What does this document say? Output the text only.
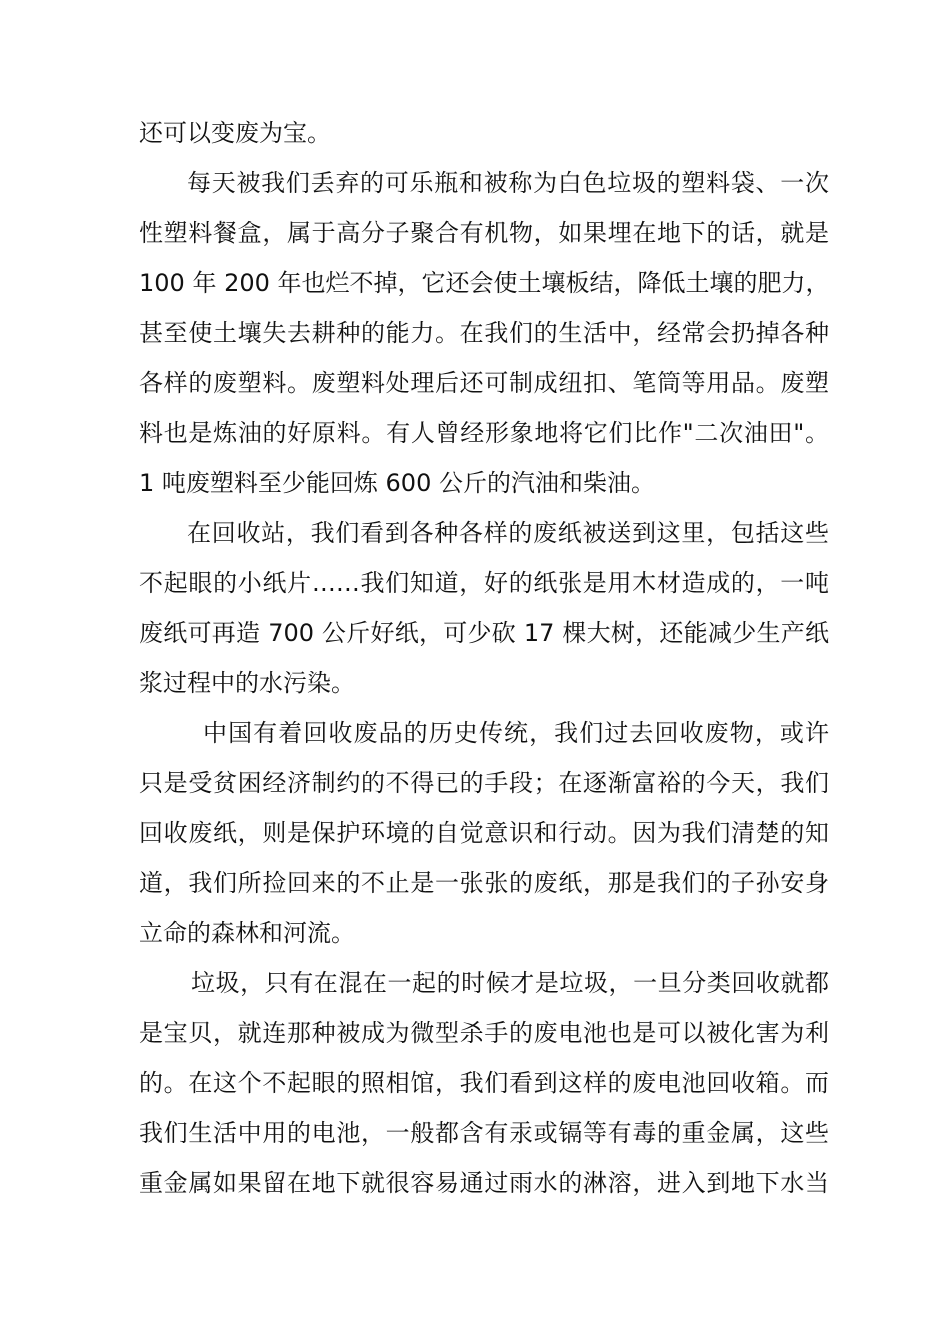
还可以变废为宝。
每天被我们丢弃的可乐瓶和被称为白色垃圾的塑料袋、一次
性塑料餐盒，属于高分子聚合有机物，如果埋在地下的话，就是
100 年 200 年也烂不掉，它还会使土壤板结，降低土壤的肥力，
甚至使土壤失去耕种的能力。在我们的生活中，经常会扔掉各种
各样的废塑料。废塑料处理后还可制成纽扣、笔筒等用品。废塑
料也是炼油的好原料。有人曾经形象地将它们比作"二次油田"。
1 吨废塑料至少能回炼 600 公斤的汽油和柴油。
在回收站，我们看到各种各样的废纸被送到这里，包括这些
不起眼的小纸片……我们知道，好的纸张是用木材造成的，一吨
废纸可再造 700 公斤好纸，可少砍 17 棵大树，还能减少生产纸
浆过程中的水污染。
中国有着回收废品的历史传统，我们过去回收废物，或许
只是受贫困经济制约的不得已的手段；在逐渐富裕的今天，我们
回收废纸，则是保护环境的自觉意识和行动。因为我们清楚的知
道，我们所捡回来的不止是一张张的废纸，那是我们的子孙安身
立命的森林和河流。
垃圾，只有在混在一起的时候才是垃圾，一旦分类回收就都
是宝贝，就连那种被成为微型杀手的废电池也是可以被化害为利
的。在这个不起眼的照相馆，我们看到这样的废电池回收箱。而
我们生活中用的电池，一般都含有汞或镉等有毒的重金属，这些
重金属如果留在地下就很容易通过雨水的淋溶，进入到地下水当
